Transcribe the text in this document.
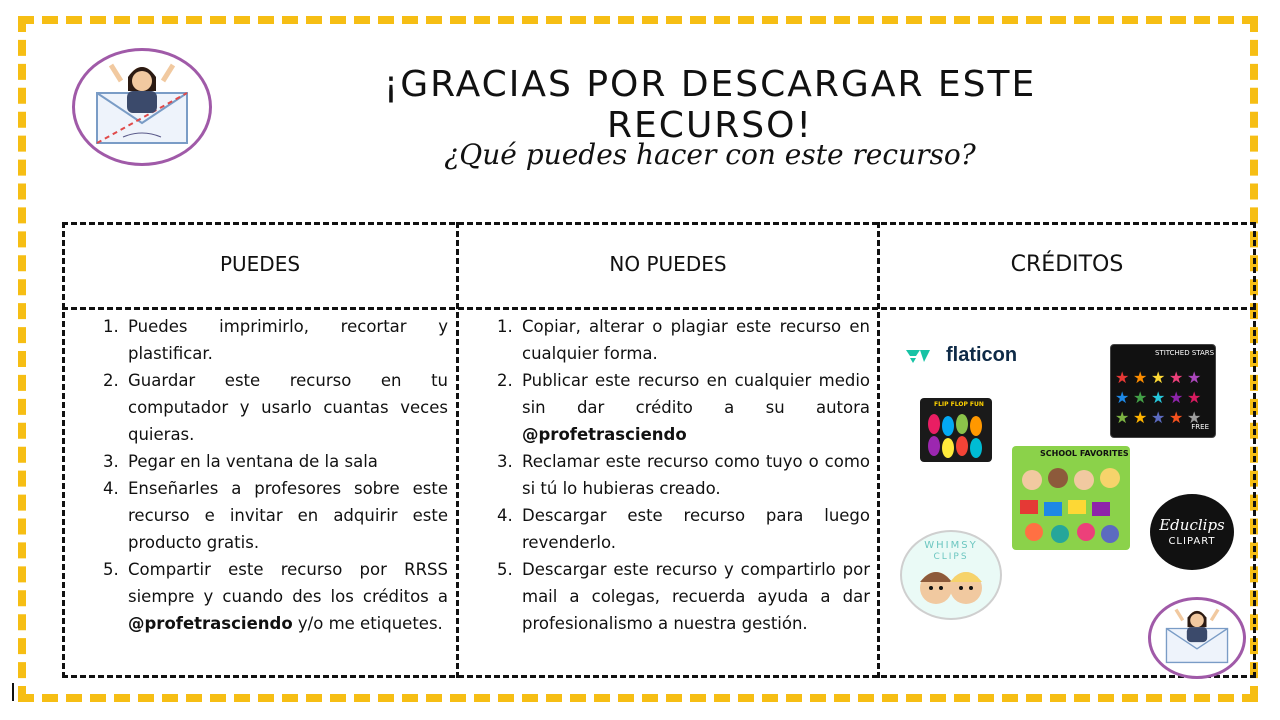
¡GRACIAS POR DESCARGAR ESTE RECURSO!
¿Qué puedes hacer con este recurso?
PUEDES	NO PUEDES	CRÉDITOS
1. Puedes imprimirlo, recortar y plastificar.
2. Guardar este recurso en tu computador y usarlo cuantas veces quieras.
3. Pegar en la ventana de la sala
4. Enseñarles a profesores sobre este recurso e invitar en adquirir este producto gratis.
5. Compartir este recurso por RRSS siempre y cuando des los créditos a @profetrasciendo y/o me etiquetes.
1. Copiar, alterar o plagiar este recurso en cualquier forma.
2. Publicar este recurso en cualquier medio sin dar crédito a su autora @profetrasciendo
3. Reclamar este recurso como tuyo o como si tú lo hubieras creado.
4. Descargar este recurso para luego revenderlo.
5. Descargar este recurso y compartirlo por mail a colegas, recuerda ayuda a dar profesionalismo a nuestra gestión.
flaticon	STITCHED STARS
★ ★ ★ ★ ★
★ ★ ★ ★ ★
★ ★ ★ ★ ★
FREE
FLIP FLOP FUN
SCHOOL FAVORITES
Educlips
CLIPART
WHIMSY
CLIPS
